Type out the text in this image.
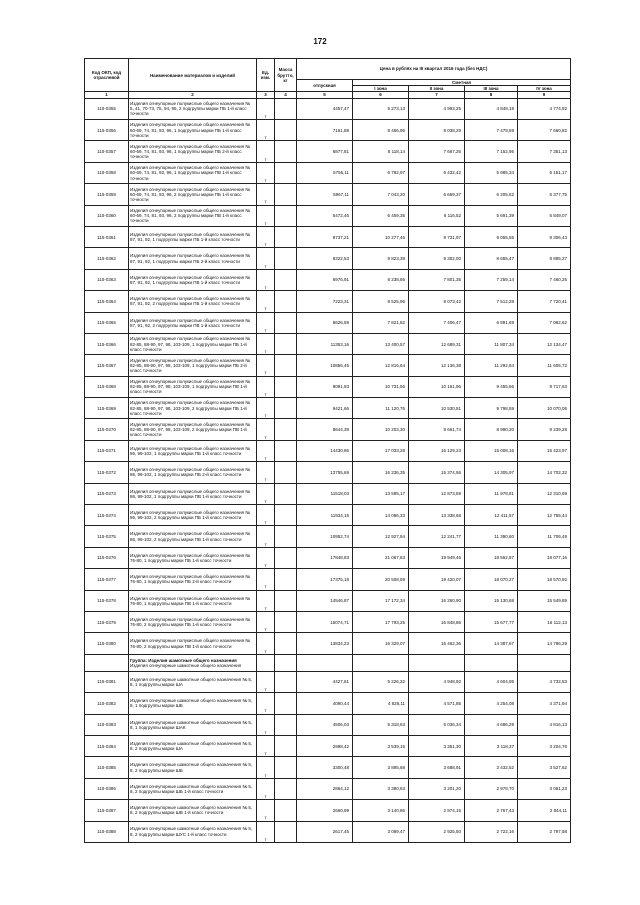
172
Код ОКП, код отраслевой	Наименование материалов и изделий	Ед. изм.	Масса брутто, кг	Цена в рублях на III квартал 2016 года (без НДС)				
				отпускная	Сметная			
					I зона	II зона	III зона	IV зона
1	2	3	4	5	6	7	8	9
115-0355	Изделия огнеупорные полукислые общего назначения № 5, 41, 70-73, 75, 94, 95, 2 подгруппы марки ПБ 1-й класс точности	т		4457,47	5 273,13	4 993,25	4 848,19	4 774,92
115-0356	Изделия огнеупорные полукислые общего назначения № 60-69, 74, 81, 93, 96, 1 подгруппы марки ПБ 1-й класс точности	т		7161,88	8 466,95	8 038,29	7 479,59	7 660,82
115-0357	Изделия огнеупорные полукислые общего назначения № 60-69, 74, 81, 93, 96, 1 подгруппы марки ПБ 2-й класс точности	т		6877,81	8 118,14	7 667,26	7 152,95	7 351,13
115-0358	Изделия огнеупорные полукислые общего назначения № 60-69, 74, 81, 93, 96, 1 подгруппы марки ПВ 1-й класс точности	т		5756,11	6 782,97	6 432,42	5 985,34	6 151,17
115-0359	Изделия огнеупорные полукислые общего назначения № 60-69, 74, 81, 93, 96, 2 подгруппы марки ПБ 1-й класс точности	т		5967,11	7 043,20	6 669,37	6 205,62	6 377,75
115-0360	Изделия огнеупорные полукислые общего назначения № 60-69, 74, 81, 93, 96, 2 подгруппы марки ПВ 1-й класс точности	т		5472,46	6 459,35	6 116,52	5 691,39	5 849,07
115-0361	Изделия огнеупорные полукислые общего назначения № 87, 91, 92, 1 подгруппы марки ПБ 1-й класс точности	т		8737,21	10 277,46	9 731,97	9 055,55	9 306,43
115-0362	Изделия огнеупорные полукислые общего назначения № 87, 91, 92, 1 подгруппы марки ПБ 2-й класс точности	т		8322,53	9 823,39	9 302,00	8 655,47	8 895,27
115-0363	Изделия огнеупорные полукислые общего назначения № 87, 91, 92, 1 подгруппы марки ПВ 1-й класс точности	т		6976,91	8 238,66	7 801,35	7 259,14	7 460,26
115-0364	Изделия огнеупорные полукислые общего назначения № 87, 91, 92, 2 подгруппы марки ПБ 1-й класс точности	т		7223,31	8 525,95	8 073,42	7 512,28	7 720,41
115-0365	Изделия огнеупорные полукислые общего назначения № 87, 91, 92, 2 подгруппы марки ПВ 1-й класс точности	т		6626,59	7 821,82	7 406,47	6 891,69	7 082,62
115-0366	Изделия огнеупорные полукислые общего назначения № 82-85, 88-90, 97, 98, 103-109, 1 подгруппы марки ПБ 1-й класс точности	т		11353,16	13 400,57	12 689,31	11 807,34	12 134,47
115-0367	Изделия огнеупорные полукислые общего назначения № 82-85, 88-90, 97, 98, 103-109, 1 подгруппы марки ПБ 2-й класс точности	т		10856,45	12 816,64	12 136,38	11 292,84	11 605,72
115-0368	Изделия огнеупорные полукислые общего назначения № 82-85, 88-90, 97, 98, 103-109, 1 подгруппы марки ПВ 1-й класс точности	т		9091,93	10 731,56	10 161,96	9 455,66	9 717,63
115-0369	Изделия огнеупорные полукислые общего назначения № 82-85, 88-90, 97, 98, 103-109, 2 подгруппы марки ПБ 1-й класс точности	т		9421,66	11 120,76	10 530,51	9 798,59	10 070,06
115-0370	Изделия огнеупорные полукислые общего назначения № 82-85, 88-90, 97, 98, 103-109, 2 подгруппы марки ПВ 1-й класс точности	т		8644,39	10 203,30	9 661,74	8 990,20	9 239,28
115-0371	Изделия огнеупорные полукислые общего назначения № 86, 99-102, 1 подгруппы марки ПБ 1-й класс точности	т		14430,86	17 033,28	16 129,23	15 008,16	15 423,97
115-0372	Изделия огнеупорные полукислые общего назначения № 86, 99-102, 1 подгруппы марки ПБ 2-й класс точности	т		13755,69	16 236,35	15 374,56	14 305,97	14 702,32
115-0373	Изделия огнеупорные полукислые общего назначения № 86, 99-102, 1 подгруппы марки ПВ 1-й класс точности	т		11518,03	13 595,17	12 873,59	11 978,81	12 310,69
115-0374	Изделия огнеупорные полукислые общего назначения № 86, 99-102, 2 подгруппы марки ПБ 1-й класс точности	т		11934,15	14 086,33	13 338,68	12 411,57	12 755,44
115-0375	Изделия огнеупорные полукислые общего назначения № 86, 99-102, 2 подгруппы марки ПВ 1-й класс точности	т		10952,74	12 927,94	12 241,77	11 390,60	11 706,49
115-0376	Изделия огнеупорные полукислые общего назначения № 76-80, 1 подгруппы марки ПБ 1-й класс точности	т		17848,83	21 067,63	19 949,46	18 562,87	19 077,16
115-0377	Изделия огнеупорные полукислые общего назначения № 76-80, 1 подгруппы марки ПБ 2-й класс точности	т		17375,18	20 508,59	19 420,07	18 070,27	18 570,92
115-0378	Изделия огнеупорные полукислые общего назначения № 76-80, 1 подгруппы марки ПВ 1-й класс точности	т		14546,87	17 172,34	16 260,90	15 130,68	15 549,89
115-0379	Изделия огнеупорные полукислые общего назначения № 76-80, 2 подгруппы марки ПБ 1-й класс точности	т		15074,71	17 793,25	16 848,86	15 677,77	16 112,13
115-0380	Изделия огнеупорные полукислые общего назначения № 76-80, 2 подгруппы марки ПВ 1-й класс точности	т		13834,23	16 329,07	15 462,36	14 387,67	14 786,29

	Группа: Изделия шамотные общего назначения
Изделия огнеупорные шамотные общего назначения							
115-0381	Изделия огнеупорные шамотные общего назначения № 5, 8, 1 подгруппы марки ША	т		4427,61	5 226,32	4 948,92	4 604,95	4 732,53
115-0382	Изделия огнеупорные шамотные общего назначения № 5, 8, 1 подгруппы марки ШБ	т		4090,44	4 828,11	4 571,85	4 254,08	4 371,94
115-0383	Изделия огнеупорные шамотные общего назначения № 5, 8, 1 подгруппы марки ШАК	т		4506,03	5 318,63	5 036,34	4 686,29	4 816,13
115-0384	Изделия огнеупорные шамотные общего назначения № 5, 8, 2 подгруппы марки ША	т		2998,42	3 539,15	3 351,30	3 118,37	3 204,76
115-0385	Изделия огнеупорные шамотные общего назначения № 5, 8, 2 подгруппы марки ШБ	т		3300,48	3 895,68	3 688,91	3 432,52	3 527,62
115-0386	Изделия огнеупорные шамотные общего назначения № 5, 8, 2 подгруппы марки ШБ 1-й класс точности	т		2864,12	3 380,63	3 201,20	2 978,70	3 061,23
115-0387	Изделия огнеупорные шамотные общего назначения № 5, 8, 2 подгруппы марки ШВ 1-й класс точности	т		2660,99	3 140,86	2 974,15	2 767,43	2 844,11
115-0388	Изделия огнеупорные шамотные общего назначения № 5, 8, 2 подгруппы марки ШУС 1-й класс точности	т		2617,45	3 089,47	2 925,50	2 722,16	2 797,58
